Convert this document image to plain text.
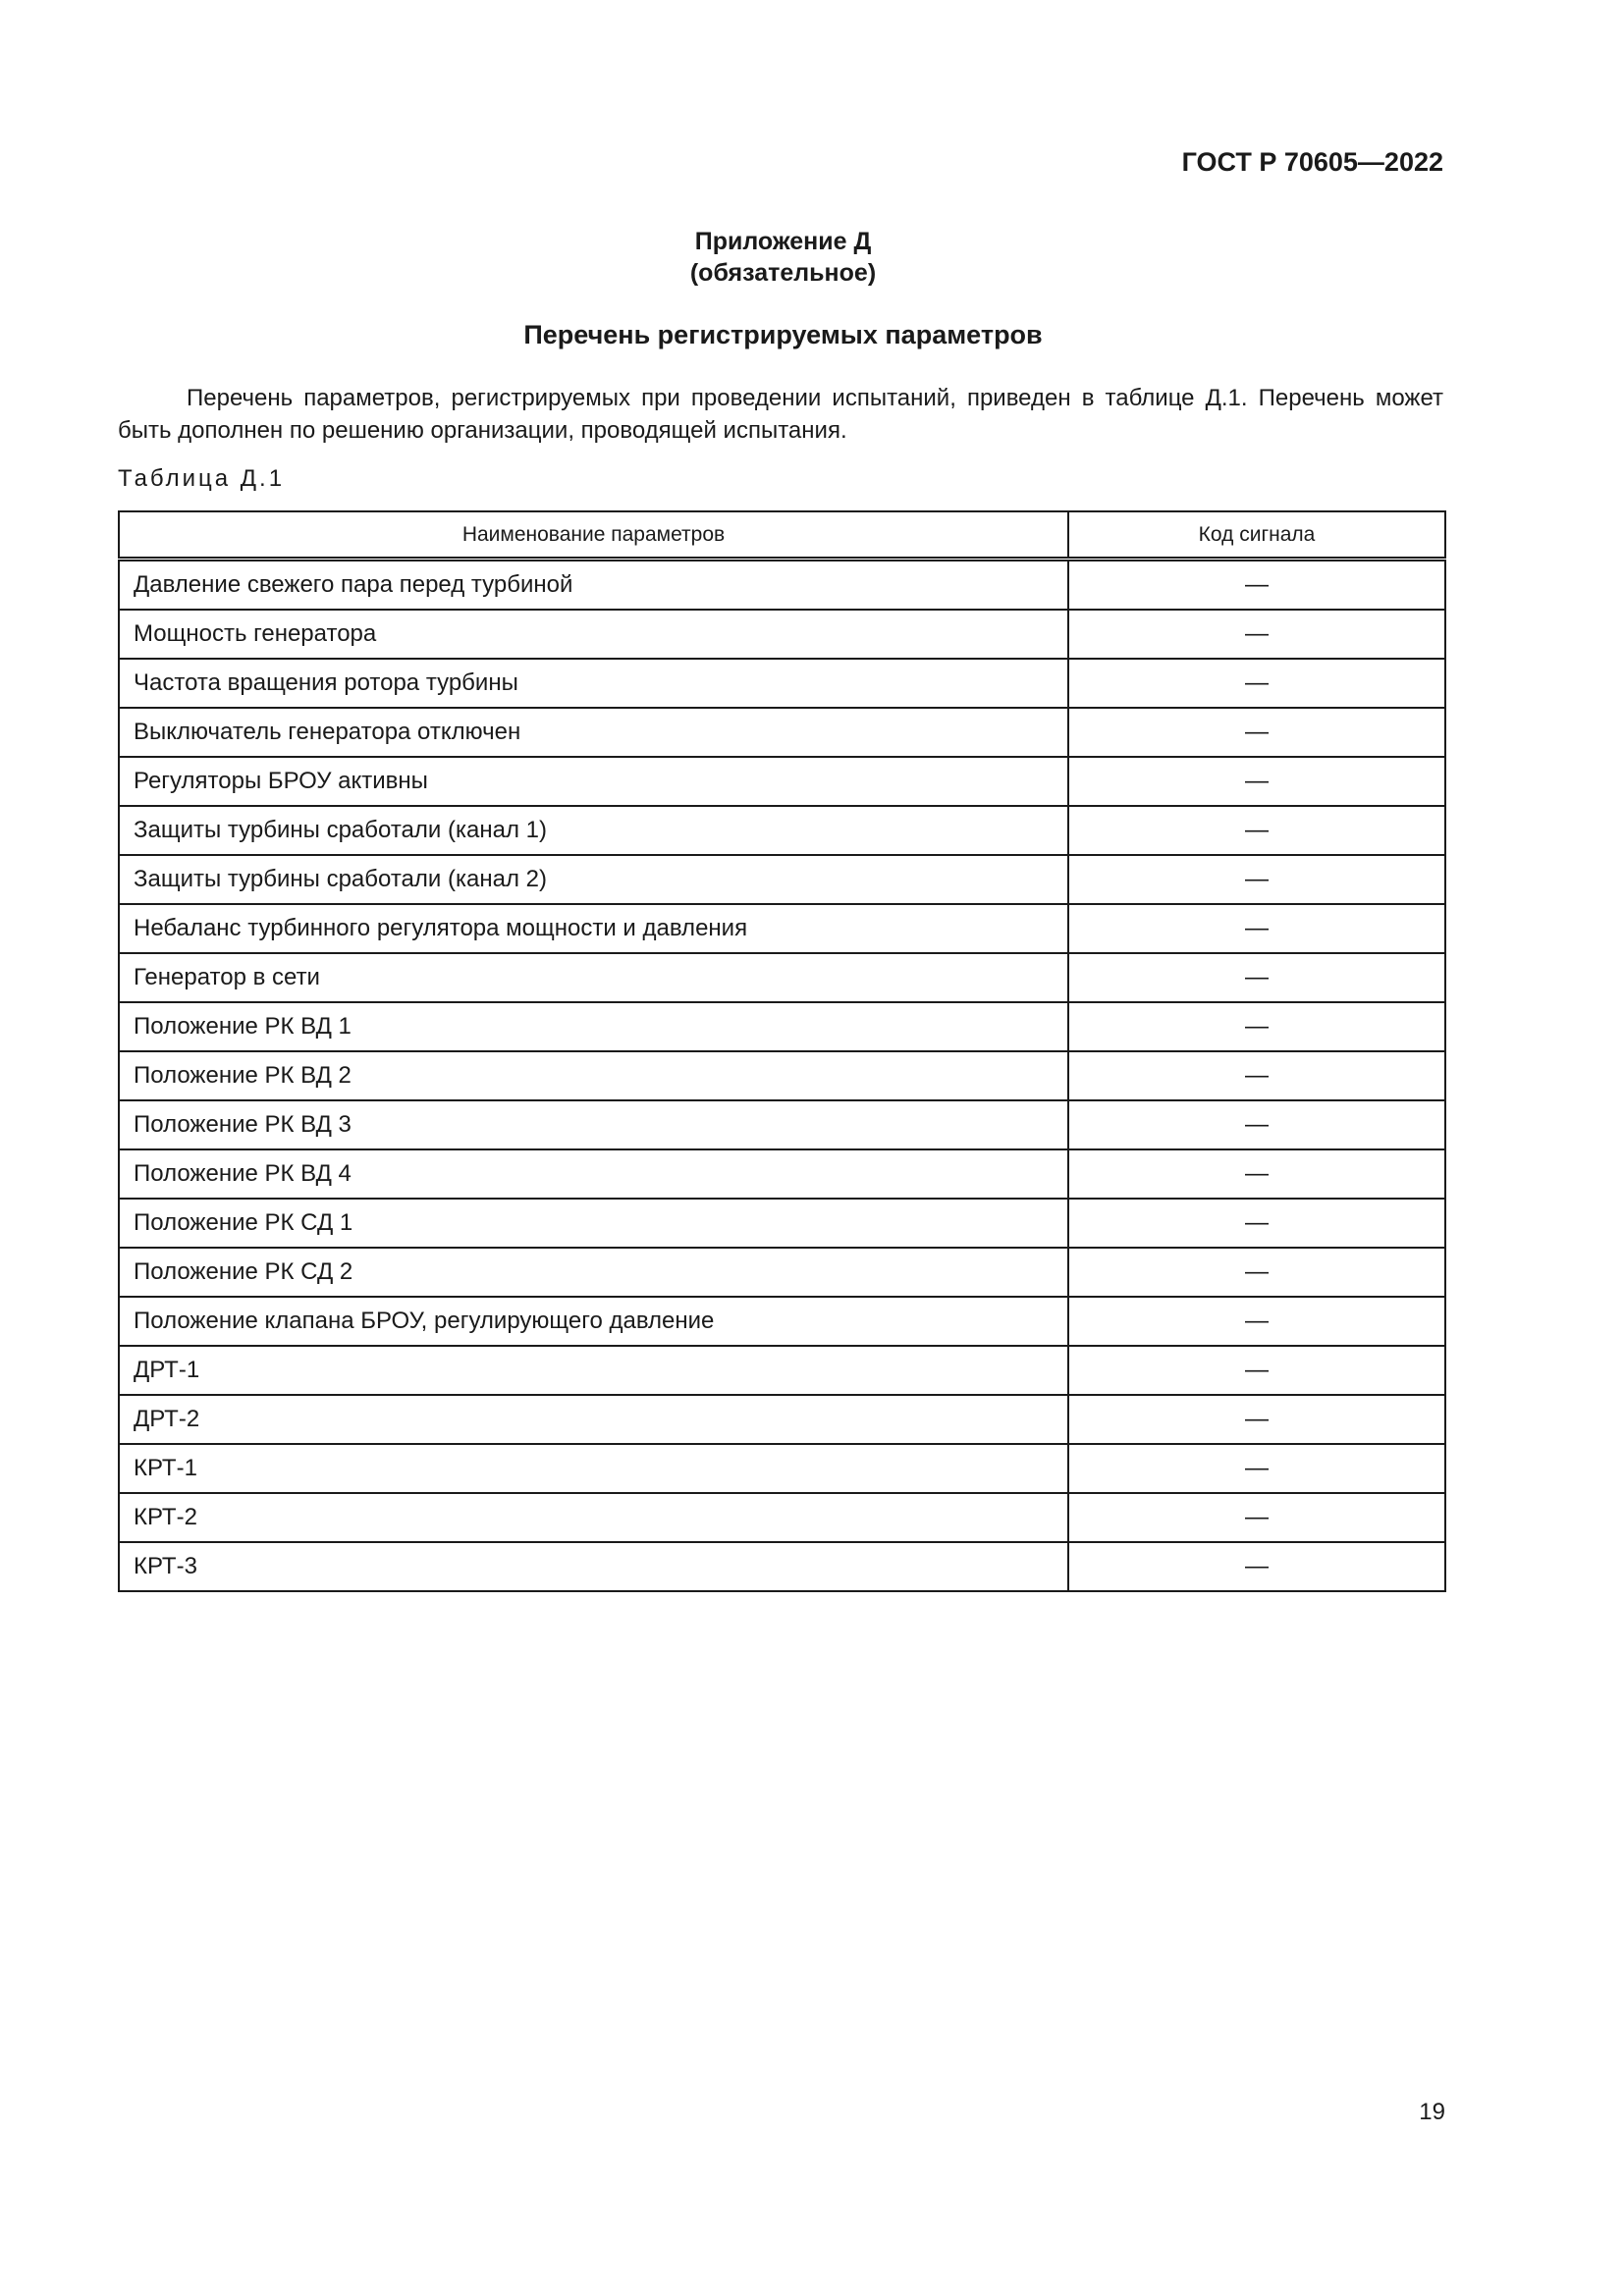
ГОСТ Р 70605—2022
Приложение Д
(обязательное)
Перечень регистрируемых параметров

Перечень параметров, регистрируемых при проведении испытаний, приведен в таблице Д.1. Перечень может быть дополнен по решению организации, проводящей испытания.

Таблица Д.1
Наименование параметров	Код сигнала
Давление свежего пара перед турбиной	—
Мощность генератора	—
Частота вращения ротора турбины	—
Выключатель генератора отключен	—
Регуляторы БРОУ активны	—
Защиты турбины сработали (канал 1)	—
Защиты турбины сработали (канал 2)	—
Небаланс турбинного регулятора мощности и давления	—
Генератор в сети	—
Положение РК ВД 1	—
Положение РК ВД 2	—
Положение РК ВД 3	—
Положение РК ВД 4	—
Положение РК СД 1	—
Положение РК СД 2	—
Положение клапана БРОУ, регулирующего давление	—
ДРТ-1	—
ДРТ-2	—
КРТ-1	—
КРТ-2	—
КРТ-3	—
19
